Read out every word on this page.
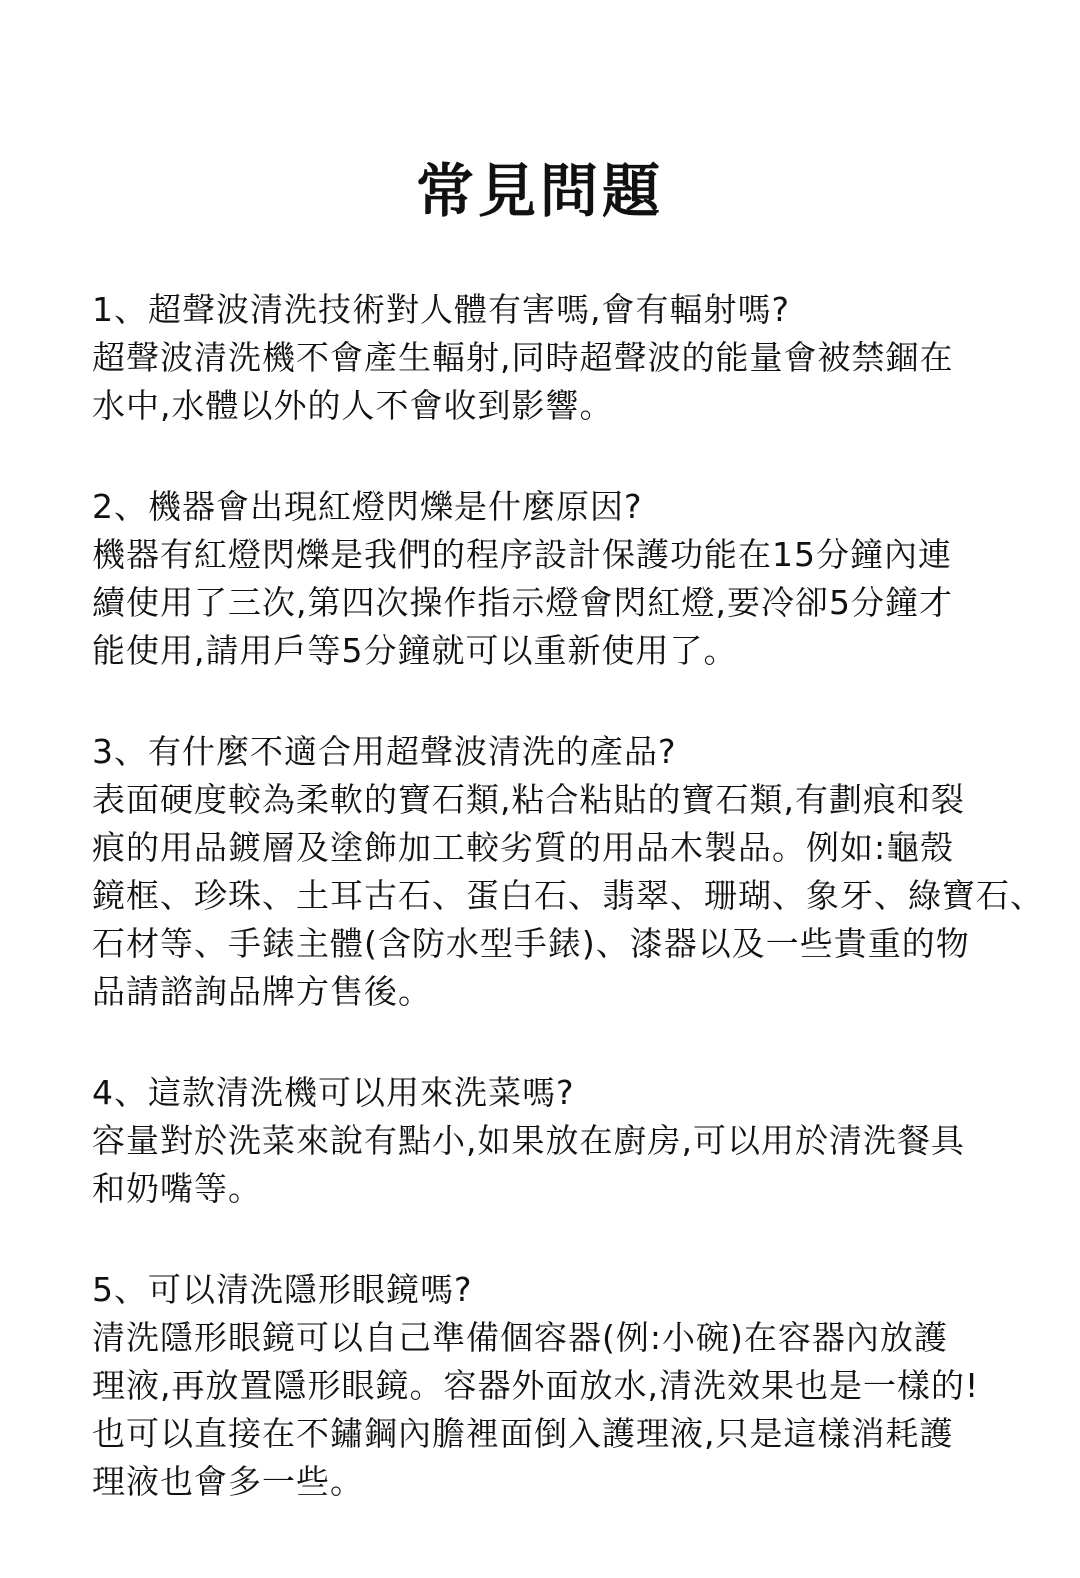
常見問題

1、超聲波清洗技術對人體有害嗎,會有輻射嗎?

超聲波清洗機不會產生輻射,同時超聲波的能量會被禁錮在

水中,水體以外的人不會收到影響。

2、機器會出現紅燈閃爍是什麼原因?

機器有紅燈閃爍是我們的程序設計保護功能在15分鐘內連

續使用了三次,第四次操作指示燈會閃紅燈,要冷卻5分鐘才

能使用,請用戶等5分鐘就可以重新使用了。

3、有什麼不適合用超聲波清洗的產品?

表面硬度較為柔軟的寶石類,粘合粘貼的寶石類,有劃痕和裂

痕的用品鍍層及塗飾加工較劣質的用品木製品。例如:龜殼

鏡框、珍珠、土耳古石、蛋白石、翡翠、珊瑚、象牙、綠寶石、

石材等、手錶主體(含防水型手錶)、漆器以及一些貴重的物

品請諮詢品牌方售後。

4、這款清洗機可以用來洗菜嗎?

容量對於洗菜來說有點小,如果放在廚房,可以用於清洗餐具

和奶嘴等。

5、可以清洗隱形眼鏡嗎?

清洗隱形眼鏡可以自己準備個容器(例:小碗)在容器內放護

理液,再放置隱形眼鏡。容器外面放水,清洗效果也是一樣的!

也可以直接在不鏽鋼內膽裡面倒入護理液,只是這樣消耗護

理液也會多一些。
